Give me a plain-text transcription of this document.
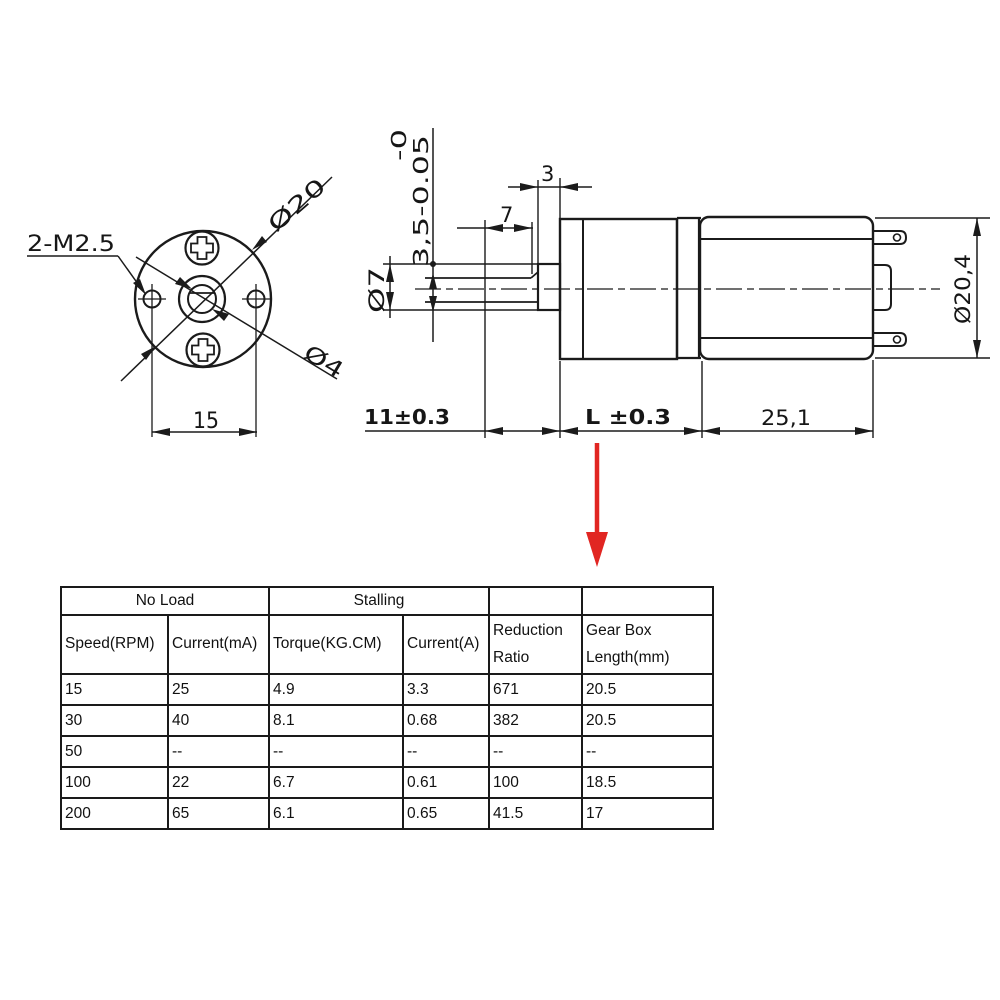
2-M2.5
Ø20
Ø4
15
-0
3,5-0.05	7
3
Ø7
11±0.3	L ±0.3	25,1
Ø20,4
No Load		Stalling			
Speed(RPM)	Current(mA)	Torque(KG.CM)	Current(A)	Reduction Ratio	Gear Box Length(mm)
15	25	4.9	3.3	671	20.5
30	40	8.1	0.68	382	20.5
50	--	--	--	--	--
100	22	6.7	0.61	100	18.5
200	65	6.1	0.65	41.5	17
